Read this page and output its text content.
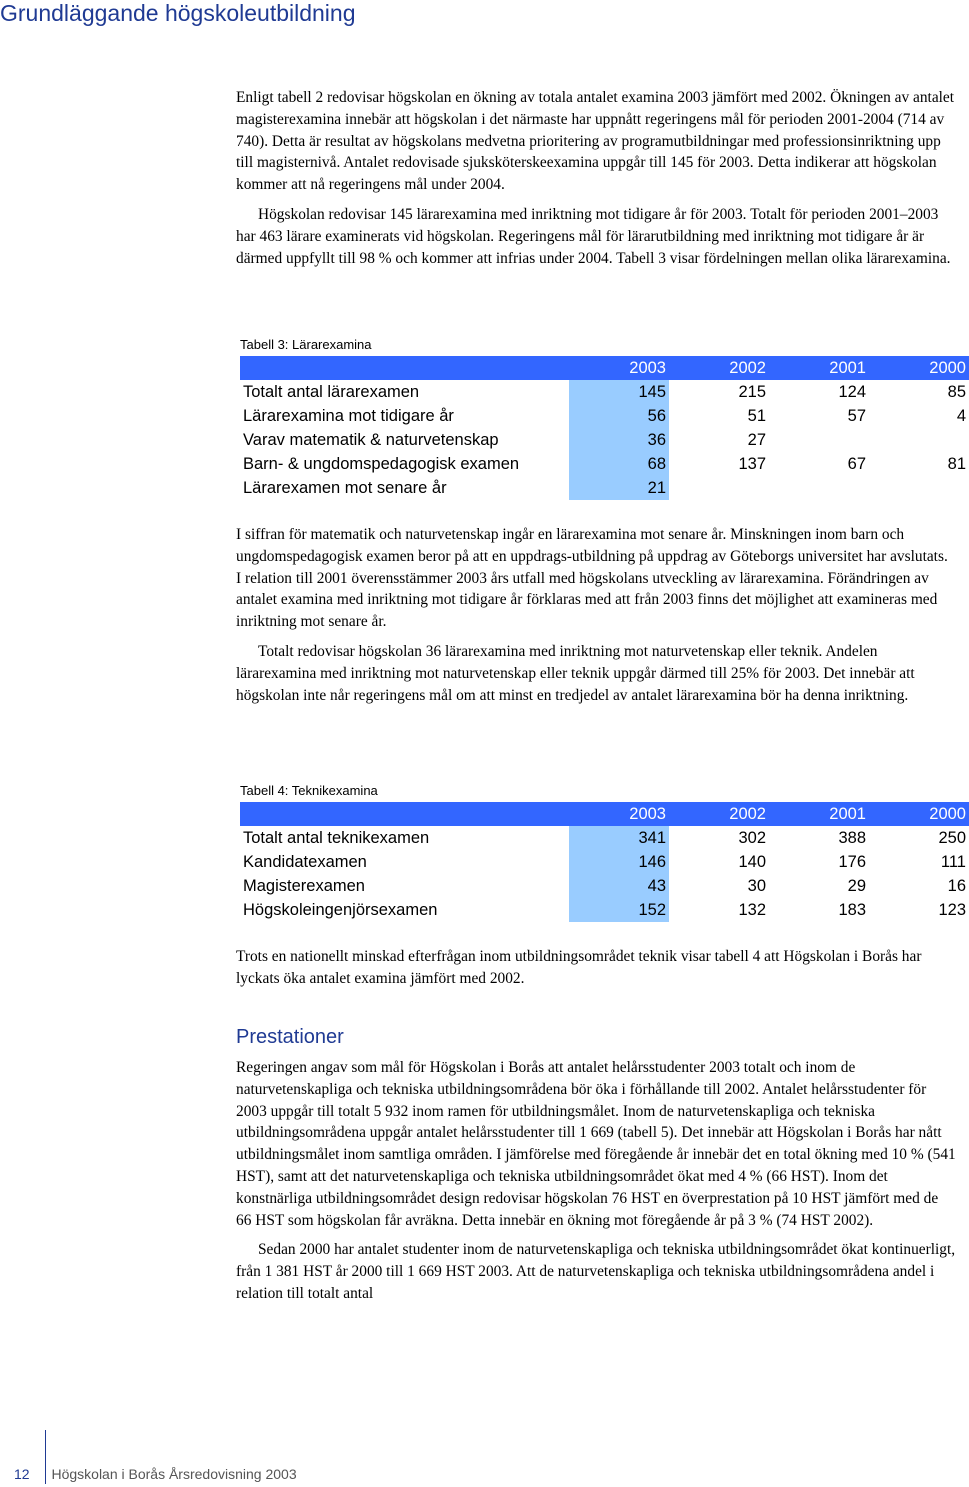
Grundläggande högskoleutbildning

Enligt tabell 2 redovisar högskolan en ökning av totala antalet examina 2003 jämfört med 2002. Ökningen av antalet magisterexamina innebär att högskolan i det närmaste har uppnått regeringens mål för perioden 2001-2004 (714 av 740). Detta är resultat av högskolans medvetna prioritering av programutbildningar med professionsinriktning upp till magisternivå. Antalet redovisade sjuksköterskeexamina uppgår till 145 för 2003. Detta indikerar att högskolan kommer att nå regeringens mål under 2004.

Högskolan redovisar 145 lärarexamina med inriktning mot tidigare år för 2003. Totalt för perioden 2001–2003 har 463 lärare examinerats vid högskolan. Regeringens mål för lärarutbildning med inriktning mot tidigare år är därmed uppfyllt till 98 % och kommer att infrias under 2004. Tabell 3 visar fördelningen mellan olika lärarexamina.

Tabell 3: Lärarexamina
	2003	2002	2001	2000
Totalt antal lärarexamen	145	215	124	85
Lärarexamina mot tidigare år	56	51	57	4
Varav matematik & naturvetenskap	36	27		
Barn- & ungdomspedagogisk examen	68	137	67	81
Lärarexamen mot senare år	21			

I siffran för matematik och naturvetenskap ingår en lärarexamina mot senare år. Minskningen inom barn och ungdomspedagogisk examen beror på att en uppdrags-utbildning på uppdrag av Göteborgs universitet har avslutats. I relation till 2001 överensstämmer 2003 års utfall med högskolans utveckling av lärarexamina. Förändringen av antalet examina med inriktning mot tidigare år förklaras med att från 2003 finns det möjlighet att examineras med inriktning mot senare år.

Totalt redovisar högskolan 36 lärarexamina med inriktning mot naturvetenskap eller teknik. Andelen lärarexamina med inriktning mot naturvetenskap eller teknik uppgår därmed till 25% för 2003. Det innebär att högskolan inte når regeringens mål om att minst en tredjedel av antalet lärarexamina bör ha denna inriktning.

Tabell 4: Teknikexamina
	2003	2002	2001	2000
Totalt antal teknikexamen	341	302	388	250
Kandidatexamen	146	140	176	111
Magisterexamen	43	30	29	16
Högskoleingenjörsexamen	152	132	183	123

Trots en nationellt minskad efterfrågan inom utbildningsområdet teknik visar tabell 4 att Högskolan i Borås har lyckats öka antalet examina jämfört med 2002.

Prestationer

Regeringen angav som mål för Högskolan i Borås att antalet helårsstudenter 2003 totalt och inom de naturvetenskapliga och tekniska utbildningsområdena bör öka i förhållande till 2002. Antalet helårsstudenter för 2003 uppgår till totalt 5 932 inom ramen för utbildningsmålet. Inom de naturvetenskapliga och tekniska utbildningsområdena uppgår antalet helårsstudenter till 1 669 (tabell 5). Det innebär att Högskolan i Borås har nått utbildningsmålet inom samtliga områden. I jämförelse med föregående år innebär det en total ökning med 10 % (541 HST), samt att det naturvetenskapliga och tekniska utbildningsområdet ökat med 4 % (66 HST). Inom det konstnärliga utbildningsområdet design redovisar högskolan 76 HST en överprestation på 10 HST jämfört med de 66 HST som högskolan får avräkna. Detta innebär en ökning mot föregående år på 3 % (74 HST 2002).

Sedan 2000 har antalet studenter inom de naturvetenskapliga och tekniska utbildningsområdet ökat kontinuerligt, från 1 381 HST år 2000 till 1 669 HST 2003. Att de naturvetenskapliga och tekniska utbildningsområdena andel i relation till totalt antal

12 Högskolan i Borås Årsredovisning 2003
